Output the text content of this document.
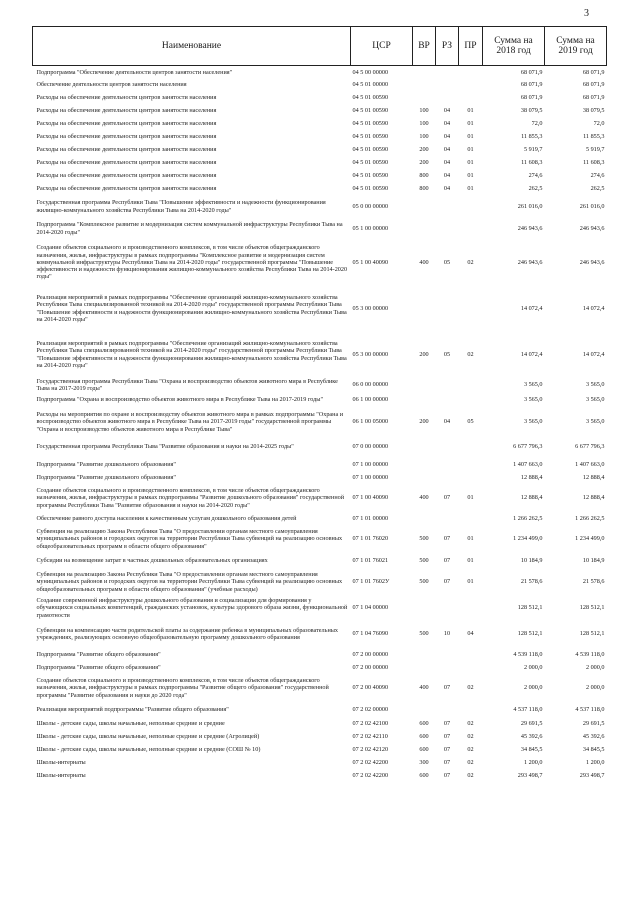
3
Наименование	ЦСР	ВР	РЗ	ПР	Сумма на 2018 год	Сумма на 2019 год
Подпрограмма "Обеспечение деятельности центров занятости населения"	04 5 00 00000				68 071,9	68 071,9
Обеспечение деятельности центров занятости населения	04 5 01 00000				68 071,9	68 071,9
Расходы на обеспечение деятельности центров занятости населения	04 5 01 00590				68 071,9	68 071,9
Расходы на обеспечение деятельности центров занятости населения	04 5 01 00590	100	04	01	38 079,5	38 079,5
Расходы на обеспечение деятельности центров занятости населения	04 5 01 00590	100	04	01	72,0	72,0
Расходы на обеспечение деятельности центров занятости населения	04 5 01 00590	100	04	01	11 855,3	11 855,3
Расходы на обеспечение деятельности центров занятости населения	04 5 01 00590	200	04	01	5 919,7	5 919,7
Расходы на обеспечение деятельности центров занятости населения	04 5 01 00590	200	04	01	11 608,3	11 608,3
Расходы на обеспечение деятельности центров занятости населения	04 5 01 00590	800	04	01	274,6	274,6
Расходы на обеспечение деятельности центров занятости населения	04 5 01 00590	800	04	01	262,5	262,5
Государственная программа Республики Тыва "Повышение эффективности и надежности функционирования жилищно-коммунального хозяйства Республики Тыва на 2014-2020 годы"	05 0 00 00000				261 016,0	261 016,0
Подпрограмма "Комплексное развитие и модернизация систем коммунальной инфраструктуры Республики Тыва на 2014-2020 годы"	05 1 00 00000				246 943,6	246 943,6
Создание объектов социального и производственного комплексов, в том числе объектов общегражданского назначения, жилья, инфраструктуры в рамках подпрограммы "Комплексное развитие и модернизация систем коммунальной инфраструктуры Республики Тыва на 2014-2020 годы" государственной программы "Повышение эффективности и надежности функционирования жилищно-коммунального хозяйства Республики Тыва на 2014-2020 годы"	05 1 00 40090	400	05	02	246 943,6	246 943,6
Реализация мероприятий в рамках подпрограммы "Обеспечение организаций жилищно-коммунального хозяйства Республики Тыва специализированной техникой на 2014-2020 годы" государственной программы Республики Тыва "Повышение эффективности и надежности функционирования жилищно-коммунального хозяйства Республики Тыва на 2014-2020 годы"	05 3 00 00000				14 072,4	14 072,4
Реализация мероприятий в рамках подпрограммы "Обеспечение организаций жилищно-коммунального хозяйства Республики Тыва специализированной техникой на 2014-2020 годы" государственной программы Республики Тыва "Повышение эффективности и надежности функционирования жилищно-коммунального хозяйства Республики Тыва на 2014-2020 годы"	05 3 00 00000	200	05	02	14 072,4	14 072,4
Государственная программа Республики Тыва "Охрана и воспроизводство объектов животного мира в Республике Тыва на 2017-2019 годы"	06 0 00 00000				3 565,0	3 565,0
Подпрограмма "Охрана и воспроизводство объектов животного мира в Республике Тыва на 2017-2019 годы"	06 1 00 00000				3 565,0	3 565,0
Расходы на мероприятия по охране и воспроизводству объектов животного мира в рамках подпрограммы "Охрана и воспроизводство объектов животного мира в Республике Тыва на 2017-2019 годы" государственной программы "Охрана и воспроизводство объектов животного мира в Республике Тыва"	06 1 00 05000	200	04	05	3 565,0	3 565,0
Государственная программа Республики Тыва "Развитие образования и науки на 2014-2025 годы"	07 0 00 00000				6 677 796,3	6 677 796,3
Подпрограмма "Развитие дошкольного образования"	07 1 00 00000				1 407 663,0	1 407 663,0
Подпрограмма "Развитие дошкольного образования"	07 1 00 00000				12 888,4	12 888,4
Создание объектов социального и производственного комплексов, в том числе объектов общегражданского назначения, жилья, инфраструктуры в рамках подпрограммы "Развитие дошкольного образования" государственной программы Республики Тыва "Развитие образования и науки на 2014-2020 годы"	07 1 00 40090	400	07	01	12 888,4	12 888,4
Обеспечение равного доступа населения к качественным услугам дошкольного образования детей	07 1 01 00000				1 266 262,5	1 266 262,5
Субвенция на реализацию Закона Республики Тыва "О предоставлении органам местного самоуправления муниципальных районов и городских округов на территории Республики Тыва субвенций на реализацию основных общеобразовательных программ в области общего образования"	07 1 01 76020	500	07	01	1 234 499,0	1 234 499,0
Субсидии на возмещение затрат в частных дошкольных образовательных организациях	07 1 01 76021	500	07	01	10 184,9	10 184,9
Субвенция на реализацию Закона Республики Тыва "О предоставлении органам местного самоуправления муниципальных районов и городских округов на территории Республики Тыва субвенций на реализацию основных общеобразовательных программ в области общего образования" (учебные расходы)	07 1 01 7602У	500	07	01	21 578,6	21 578,6
Создание современной инфраструктуры дошкольного образования и социализации для формирования у обучающихся социальных компетенций, гражданских установок, культуры здорового образа жизни, функциональной грамотности	07 1 04 00000				128 512,1	128 512,1
Субвенции на компенсацию части родительской платы за содержание ребенка в муниципальных образовательных учреждениях, реализующих основную общеобразовательную программу дошкольного образования	07 1 04 76090	500	10	04	128 512,1	128 512,1
Подпрограмма "Развитие общего образования"	07 2 00 00000				4 539 118,0	4 539 118,0
Подпрограмма "Развитие общего образования"	07 2 00 00000				2 000,0	2 000,0
Создание объектов социального и производственного комплексов, в том числе объектов общегражданского назначения, жилья, инфраструктуры в рамках подпрограммы "Развитие общего образования" государственной программы "Развитие образования и науки до 2020 года"	07 2 00 40090	400	07	02	2 000,0	2 000,0
Реализация мероприятий подпрограммы "Развитие общего образования"	07 2 02 00000				4 537 118,0	4 537 118,0
Школы - детские сады, школы начальные, неполные средние и средние	07 2 02 42100	600	07	02	29 691,5	29 691,5
Школы - детские сады, школы начальные, неполные средние и средние (Агролицей)	07 2 02 42110	600	07	02	45 392,6	45 392,6
Школы - детские сады, школы начальные, неполные средние и средние (СОШ № 10)	07 2 02 42120	600	07	02	34 845,5	34 845,5
Школы-интернаты	07 2 02 42200	300	07	02	1 200,0	1 200,0
Школы-интернаты	07 2 02 42200	600	07	02	293 498,7	293 498,7
